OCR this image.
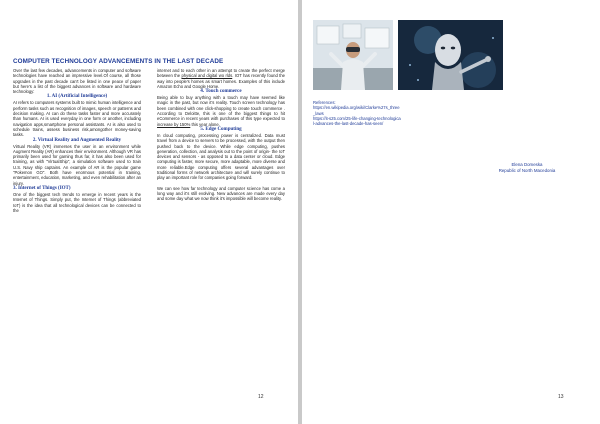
COMPUTER TECHNOLOGY ADVANCEMENTS IN THE LAST DECADE

Over the last few decades, advancements in computer and software technologies have reached an impressive level.Of course, all those upgrades in the past decade can't be listed in one peace of paper but here's a list of the biggest advances in software and hardware technology:

1. AI (Artificial Intelligence)

AI refers to computers systems built to mimic human intelligence and perform tasks such as recognition of images, speech or patterns and decision making. AI can do these tasks faster and more accurately than humans. AI is used everyday in one form or another, including navigation apps,smartphone personal assistants. AI is also used to schedule trains, assess business risk,amongother money-saving tasks.

2. Virtual Reality and Augmented Reality

Virtual Reality (VR) immerses the user in an environment while Augment Reality (AR) enhances their environment. Although VR has primarily been used for gaming thus far, it has also been used for training, as with "VirtualShip", a simulation software used to train U.S. Navy ship captains. An example of AR is the popular game "Pokemon GO". Both have enormous potential in training, entertainment, education, marketing, and even rehabilitation after an injury.

3. Internet of Things (IOT)

One of the biggest tech trends to emerge in recent years is the Internet of Things. Simply put, the Internet of Things (abbreviated IoT) is the idea that all technological devices can be connected to the

internet and to each other in an attempt to create the perfect merge between the physical and digital wo rlds. IOT has recently found the way into people's homes as smart homes. Examples of this include Amazon Echo and Google Home.

4. Touch commerce

Being able to buy anything with a touch may have seemed like magic in the past, but now it's reality. Touch screen technology has been combined with one click-shopping to create touch commerce . According to Deloitte, this is one of the biggest things to hit eCommerce in recent years with purchases of this type expected to increase by 150% this year alone.

5. Edge Computing

In cloud computing, processing power is centralized. Data must travel from a device to servers to be processed, with the output then pushed back to the device. While edge computing, pushes generation, collection, and analysis out to the point of origin- the IoT devices and sensors - as opposed to a data center or cloud. Edge computing is faster, more secure, more adaptable, more diverse and more reliable.Edge computing offers several advantages over traditional forms of network architecture and will surely continue to play an important role for companies going forward.

We can see how far technology and computer science has come a long way and it's still evolving. New advances are made every day and some day what we now think it's impossible will become reality.

12
References:
https://en.wikipedia.org/wiki/Clarke%27s_three_laws
https://it-s25.com/25-life-changing-technological-advances-the-last-decade-has-seen/
Elena Domeska
Republic of North Macedonia
13
